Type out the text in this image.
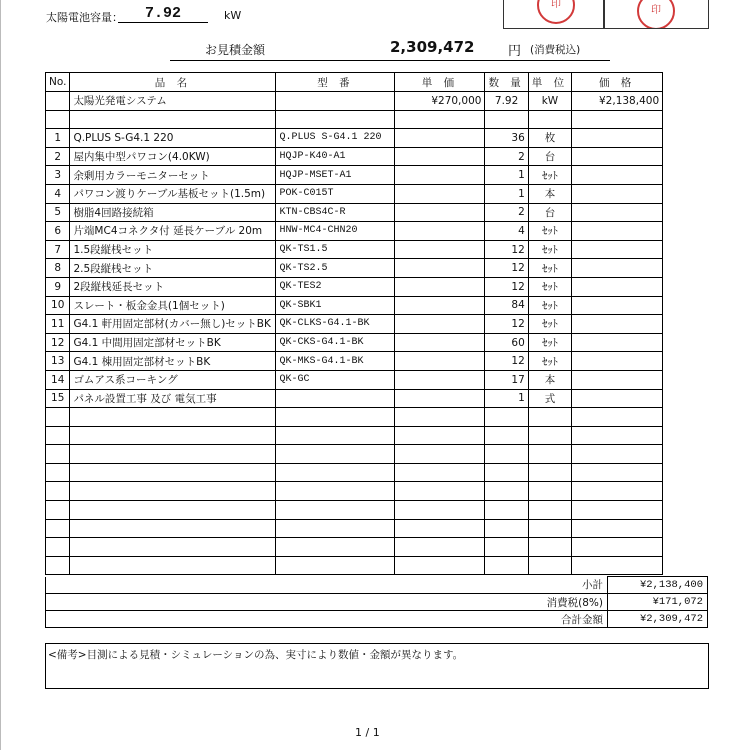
太陽電池容量：	7.92	kW
印
印
お見積金額	2,309,472	円 (消費税込)
No.	品 名	型 番	単 価	数 量	単 位	価 格
	太陽光発電システム		¥270,000	7.92	kW	¥2,138,400

1	Q.PLUS S-G4.1 220	Q.PLUS S-G4.1 220		36	枚	
2	屋内集中型パワコン(4.0KW)	HQJP-K40-A1		2	台	
3	余剰用カラーモニターセット	HQJP-MSET-A1		1	ｾｯﾄ	
4	パワコン渡りケーブル基板セット(1.5m)	POK-C015T		1	本	
5	樹脂4回路接続箱	KTN-CBS4C-R		2	台	
6	片端MC4コネクタ付 延長ケーブル 20m	HNW-MC4-CHN20		4	ｾｯﾄ	
7	1.5段縦桟セット	QK-TS1.5		12	ｾｯﾄ	
8	2.5段縦桟セット	QK-TS2.5		12	ｾｯﾄ	
9	2段縦桟延長セット	QK-TES2		12	ｾｯﾄ	
10	スレート・板金金具(1個セット)	QK-SBK1		84	ｾｯﾄ	
11	G4.1 軒用固定部材(カバー無し)セットBK	QK-CLKS-G4.1-BK		12	ｾｯﾄ	
12	G4.1 中間用固定部材セットBK	QK-CKS-G4.1-BK		60	ｾｯﾄ	
13	G4.1 棟用固定部材セットBK	QK-MKS-G4.1-BK		12	ｾｯﾄ	
14	ゴムアス系コーキング	QK-GC		17	本	
15	パネル設置工事 及び 電気工事			1	式	

小計	¥2,138,400
消費税(8%)	¥171,072
合計金額	¥2,309,472
<備考>目測による見積・シミュレーションの為、実寸により数値・金額が異なります。
1 / 1
